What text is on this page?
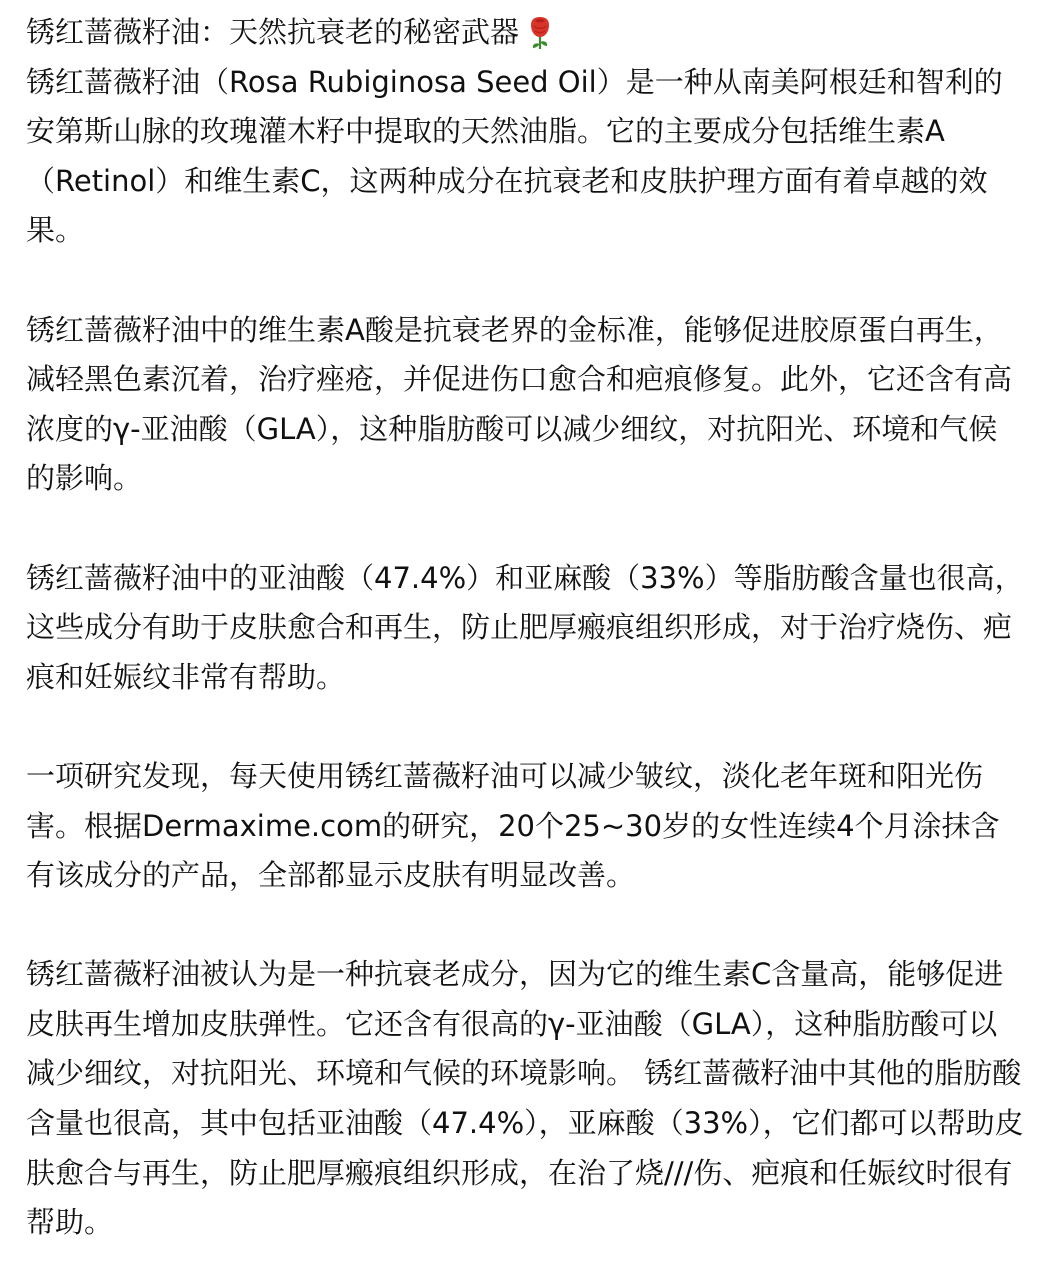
锈红蔷薇籽油：天然抗衰老的秘密武器

锈红蔷薇籽油（Rosa Rubiginosa Seed Oil）是一种从南美阿根廷和智利的安第斯山脉的玫瑰灌木籽中提取的天然油脂。它的主要成分包括维生素A（Retinol）和维生素C，这两种成分在抗衰老和皮肤护理方面有着卓越的效果。

锈红蔷薇籽油中的维生素A酸是抗衰老界的金标准，能够促进胶原蛋白再生，减轻黑色素沉着，治疗痤疮，并促进伤口愈合和疤痕修复。此外，它还含有高浓度的γ-亚油酸（GLA），这种脂肪酸可以减少细纹，对抗阳光、环境和气候的影响。

锈红蔷薇籽油中的亚油酸（47.4%）和亚麻酸（33%）等脂肪酸含量也很高，这些成分有助于皮肤愈合和再生，防止肥厚瘢痕组织形成，对于治疗烧伤、疤痕和妊娠纹非常有帮助。

一项研究发现，每天使用锈红蔷薇籽油可以减少皱纹，淡化老年斑和阳光伤害。根据Dermaxime.com的研究，20个25~30岁的女性连续4个月涂抹含有该成分的产品，全部都显示皮肤有明显改善。

锈红蔷薇籽油被认为是一种抗衰老成分，因为它的维生素C含量高，能够促进皮肤再生增加皮肤弹性。它还含有很高的γ-亚油酸（GLA），这种脂肪酸可以减少细纹，对抗阳光、环境和气候的环境影响。 锈红蔷薇籽油中其他的脂肪酸含量也很高，其中包括亚油酸（47.4%），亚麻酸（33%），它们都可以帮助皮肤愈合与再生，防止肥厚瘢痕组织形成，在治了烧///伤、疤痕和任娠纹时很有帮助。
